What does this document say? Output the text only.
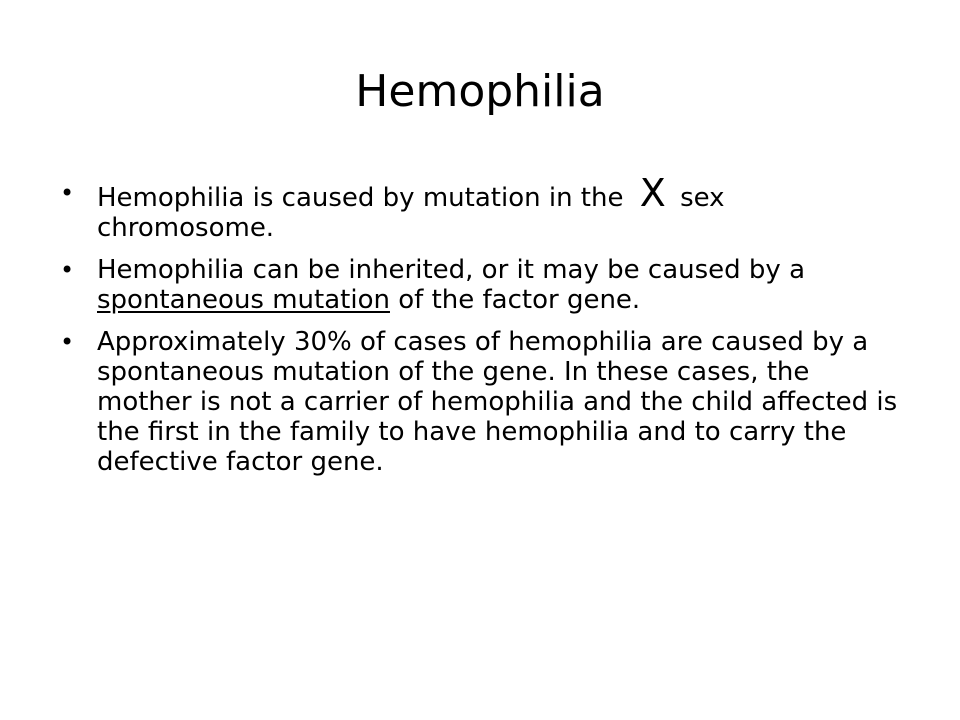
Hemophilia
• Hemophilia is caused by mutation in the X sex chromosome.
• Hemophilia can be inherited, or it may be caused by a spontaneous mutation of the factor gene.
• Approximately 30% of cases of hemophilia are caused by a spontaneous mutation of the gene. In these cases, the mother is not a carrier of hemophilia and the child affected is the first in the family to have hemophilia and to carry the defective factor gene.
